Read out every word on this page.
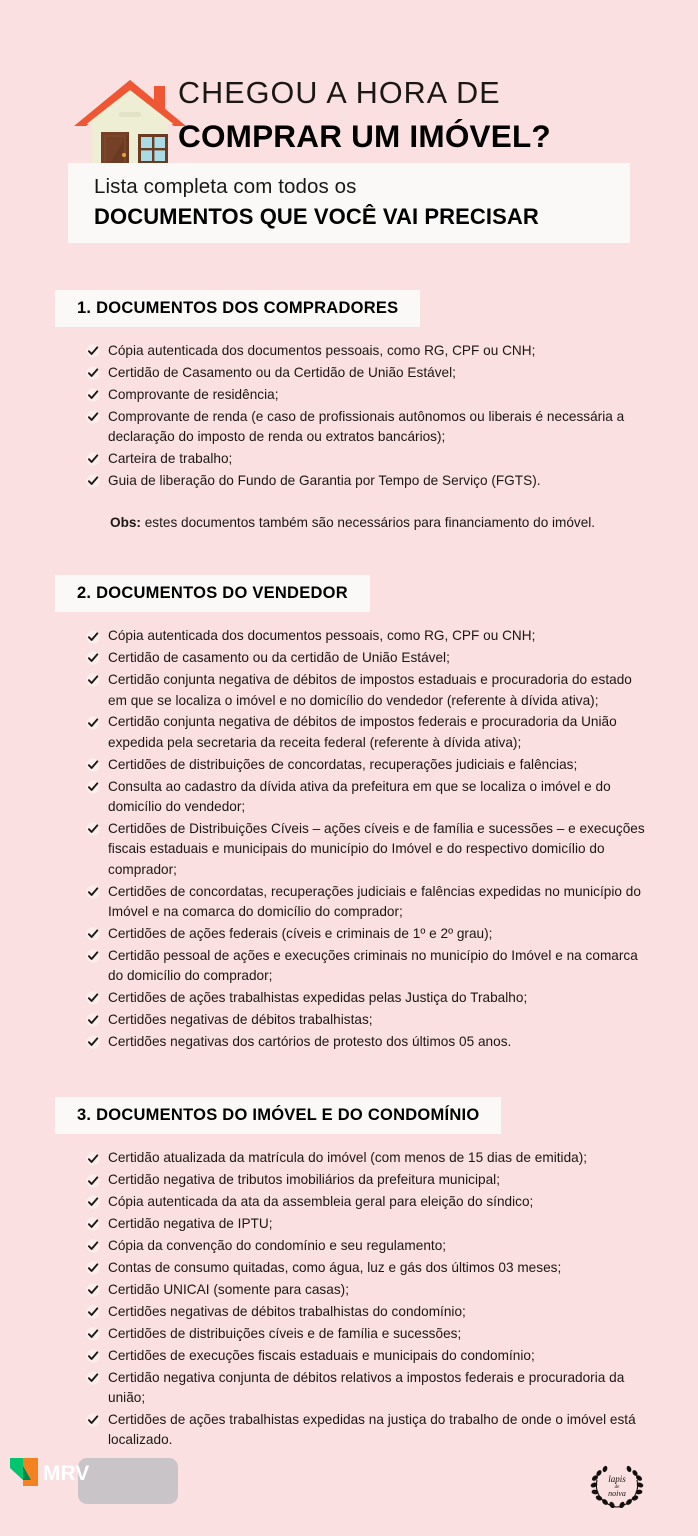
CHEGOU A HORA DE
COMPRAR UM IMÓVEL?
Lista completa com todos os
DOCUMENTOS QUE VOCÊ VAI PRECISAR
1. DOCUMENTOS DOS COMPRADORES
Cópia autenticada dos documentos pessoais, como RG, CPF ou CNH;
Certidão de Casamento ou da Certidão de União Estável;
Comprovante de residência;
Comprovante de renda (e caso de profissionais autônomos ou liberais é necessária a declaração do imposto de renda ou extratos bancários);
Carteira de trabalho;
Guia de liberação do Fundo de Garantia por Tempo de Serviço (FGTS).
Obs: estes documentos também são necessários para financiamento do imóvel.
2. DOCUMENTOS DO VENDEDOR
Cópia autenticada dos documentos pessoais, como RG, CPF ou CNH;
Certidão de casamento ou da certidão de União Estável;
Certidão conjunta negativa de débitos de impostos estaduais e procuradoria do estado em que se localiza o imóvel e no domicílio do vendedor (referente à dívida ativa);
Certidão conjunta negativa de débitos de impostos federais e procuradoria da União expedida pela secretaria da receita federal (referente à dívida ativa);
Certidões de distribuições de concordatas, recuperações judiciais e falências;
Consulta ao cadastro da dívida ativa da prefeitura em que se localiza o imóvel e do domicílio do vendedor;
Certidões de Distribuições Cíveis – ações cíveis e de família e sucessões – e execuções fiscais estaduais e municipais do município do Imóvel e do respectivo domicílio do comprador;
Certidões de concordatas, recuperações judiciais e falências expedidas no município do Imóvel e na comarca do domicílio do comprador;
Certidões de ações federais (cíveis e criminais de 1º e 2º grau);
Certidão pessoal de ações e execuções criminais no município do Imóvel e na comarca do domicílio do comprador;
Certidões de ações trabalhistas expedidas pelas Justiça do Trabalho;
Certidões negativas de débitos trabalhistas;
Certidões negativas dos cartórios de protesto dos últimos 05 anos.
3. DOCUMENTOS DO IMÓVEL E DO CONDOMÍNIO
Certidão atualizada da matrícula do imóvel (com menos de 15 dias de emitida);
Certidão negativa de tributos imobiliários da prefeitura municipal;
Cópia autenticada da ata da assembleia geral para eleição do síndico;
Certidão negativa de IPTU;
Cópia da convenção do condomínio e seu regulamento;
Contas de consumo quitadas, como água, luz e gás dos últimos 03 meses;
Certidão UNICAI (somente para casas);
Certidões negativas de débitos trabalhistas do condomínio;
Certidões de distribuições cíveis e de família e sucessões;
Certidões de execuções fiscais estaduais e municipais do condomínio;
Certidão negativa conjunta de débitos relativos a impostos federais e procuradoria da união;
Certidões de ações trabalhistas expedidas na justiça do trabalho de onde o imóvel está localizado.
MRV	lapis
de
noiva
